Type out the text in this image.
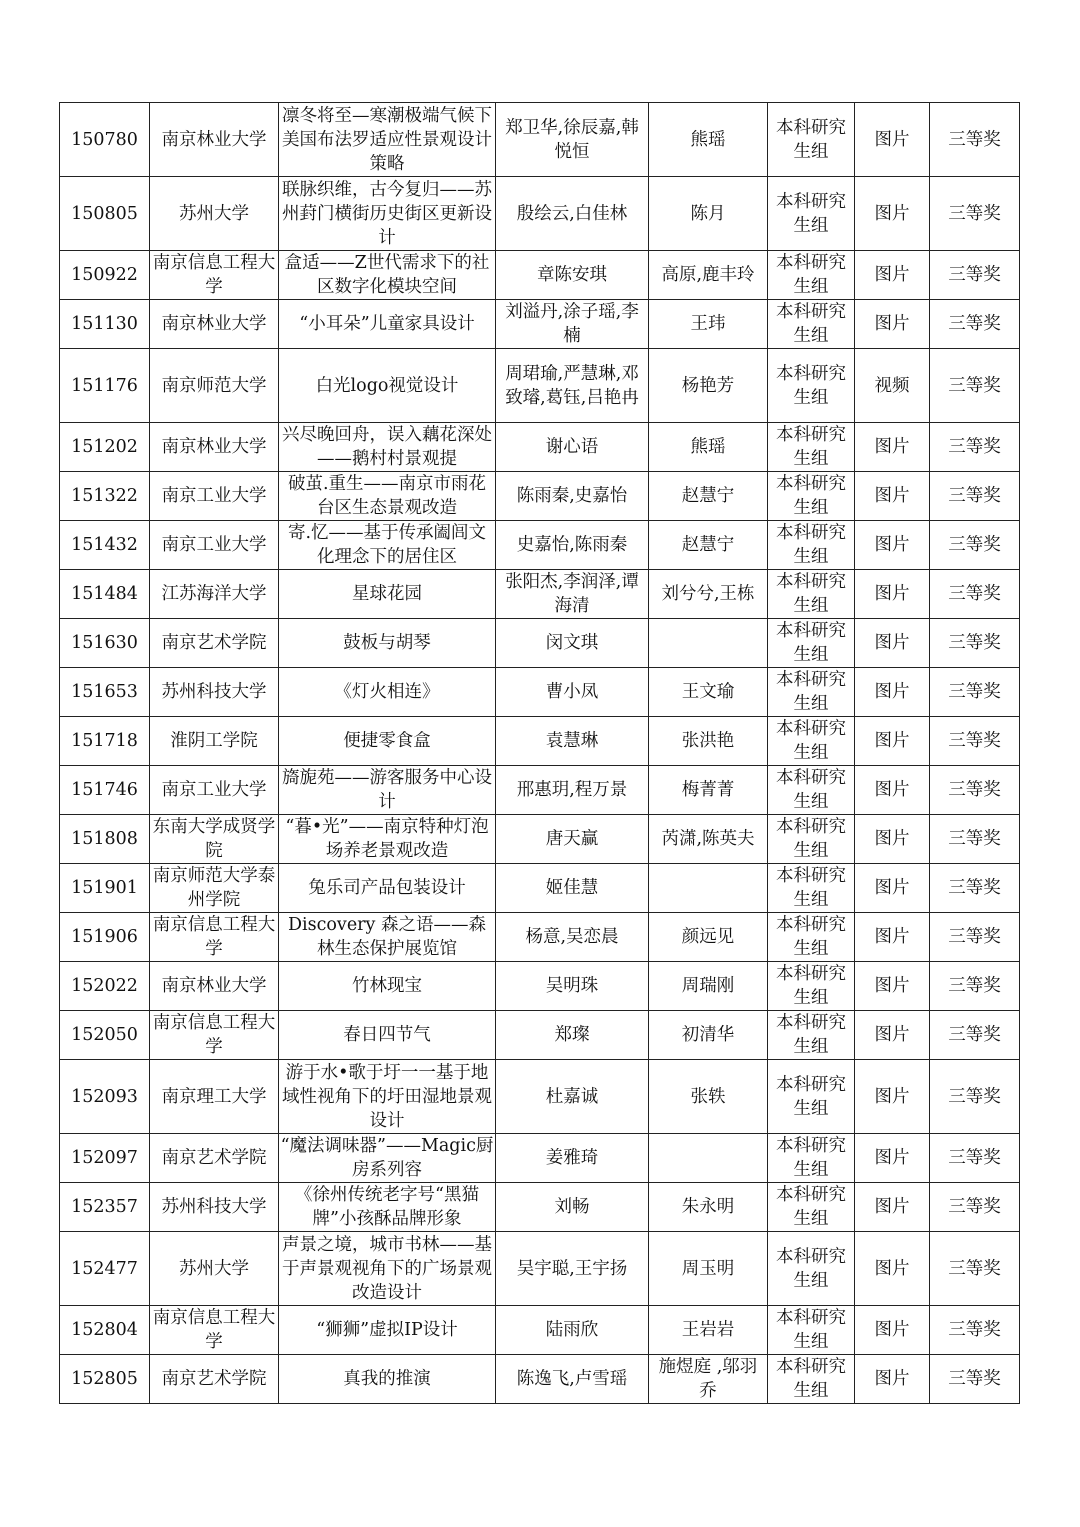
150780	南京林业大学	凛冬将至—寒潮极端气候下美国布法罗适应性景观设计策略	郑卫华,徐辰嘉,韩悦恒	熊瑶	本科研究生组	图片	三等奖
150805	苏州大学	联脉织维，古今复归——苏州葑门横街历史街区更新设计	殷绘云,白佳林	陈月	本科研究生组	图片	三等奖
150922	南京信息工程大学	盒适——Z世代需求下的社区数字化模块空间	章陈安琪	高原,鹿丰玲	本科研究生组	图片	三等奖
151130	南京林业大学	“小耳朵”儿童家具设计	刘溢丹,涂子瑶,李楠	王玮	本科研究生组	图片	三等奖
151176	南京师范大学	白光logo视觉设计	周珺瑜,严慧琳,邓致璿,葛钰,吕艳冉	杨艳芳	本科研究生组	视频	三等奖
151202	南京林业大学	兴尽晚回舟，误入藕花深处——鹅村村景观提	谢心语	熊瑶	本科研究生组	图片	三等奖
151322	南京工业大学	破茧.重生——南京市雨花台区生态景观改造	陈雨秦,史嘉怡	赵慧宁	本科研究生组	图片	三等奖
151432	南京工业大学	寄.忆——基于传承阖闾文化理念下的居住区	史嘉怡,陈雨秦	赵慧宁	本科研究生组	图片	三等奖
151484	江苏海洋大学	星球花园	张阳杰,李润泽,谭海清	刘兮兮,王栋	本科研究生组	图片	三等奖
151630	南京艺术学院	鼓板与胡琴	闵文琪		本科研究生组	图片	三等奖
151653	苏州科技大学	《灯火相连》	曹小凤	王文瑜	本科研究生组	图片	三等奖
151718	淮阴工学院	便捷零食盒	袁慧琳	张洪艳	本科研究生组	图片	三等奖
151746	南京工业大学	旖旎苑——游客服务中心设计	邢惠玥,程万景	梅菁菁	本科研究生组	图片	三等奖
151808	东南大学成贤学院	“暮•光”——南京特种灯泡场养老景观改造	唐天赢	芮潇,陈英夫	本科研究生组	图片	三等奖
151901	南京师范大学泰州学院	兔乐司产品包装设计	姬佳慧		本科研究生组	图片	三等奖
151906	南京信息工程大学	Discovery 森之语——森林生态保护展览馆	杨意,吴恋晨	颜远见	本科研究生组	图片	三等奖
152022	南京林业大学	竹林现宝	吴明珠	周瑞刚	本科研究生组	图片	三等奖
152050	南京信息工程大学	春日四节气	郑璨	初清华	本科研究生组	图片	三等奖
152093	南京理工大学	游于水•歌于圩一一基于地域性视角下的圩田湿地景观设计	杜嘉诚	张轶	本科研究生组	图片	三等奖
152097	南京艺术学院	“魔法调味器”——Magic厨房系列容	姜雅琦		本科研究生组	图片	三等奖
152357	苏州科技大学	《徐州传统老字号“黑猫牌”小孩酥品牌形象	刘畅	朱永明	本科研究生组	图片	三等奖
152477	苏州大学	声景之境，城市书林——基于声景观视角下的广场景观改造设计	吴宇聪,王宇扬	周玉明	本科研究生组	图片	三等奖
152804	南京信息工程大学	“狮狮”虚拟IP设计	陆雨欣	王岩岩	本科研究生组	图片	三等奖
152805	南京艺术学院	真我的推演	陈逸飞,卢雪瑶	施煜庭 ,邬羽乔	本科研究生组	图片	三等奖
